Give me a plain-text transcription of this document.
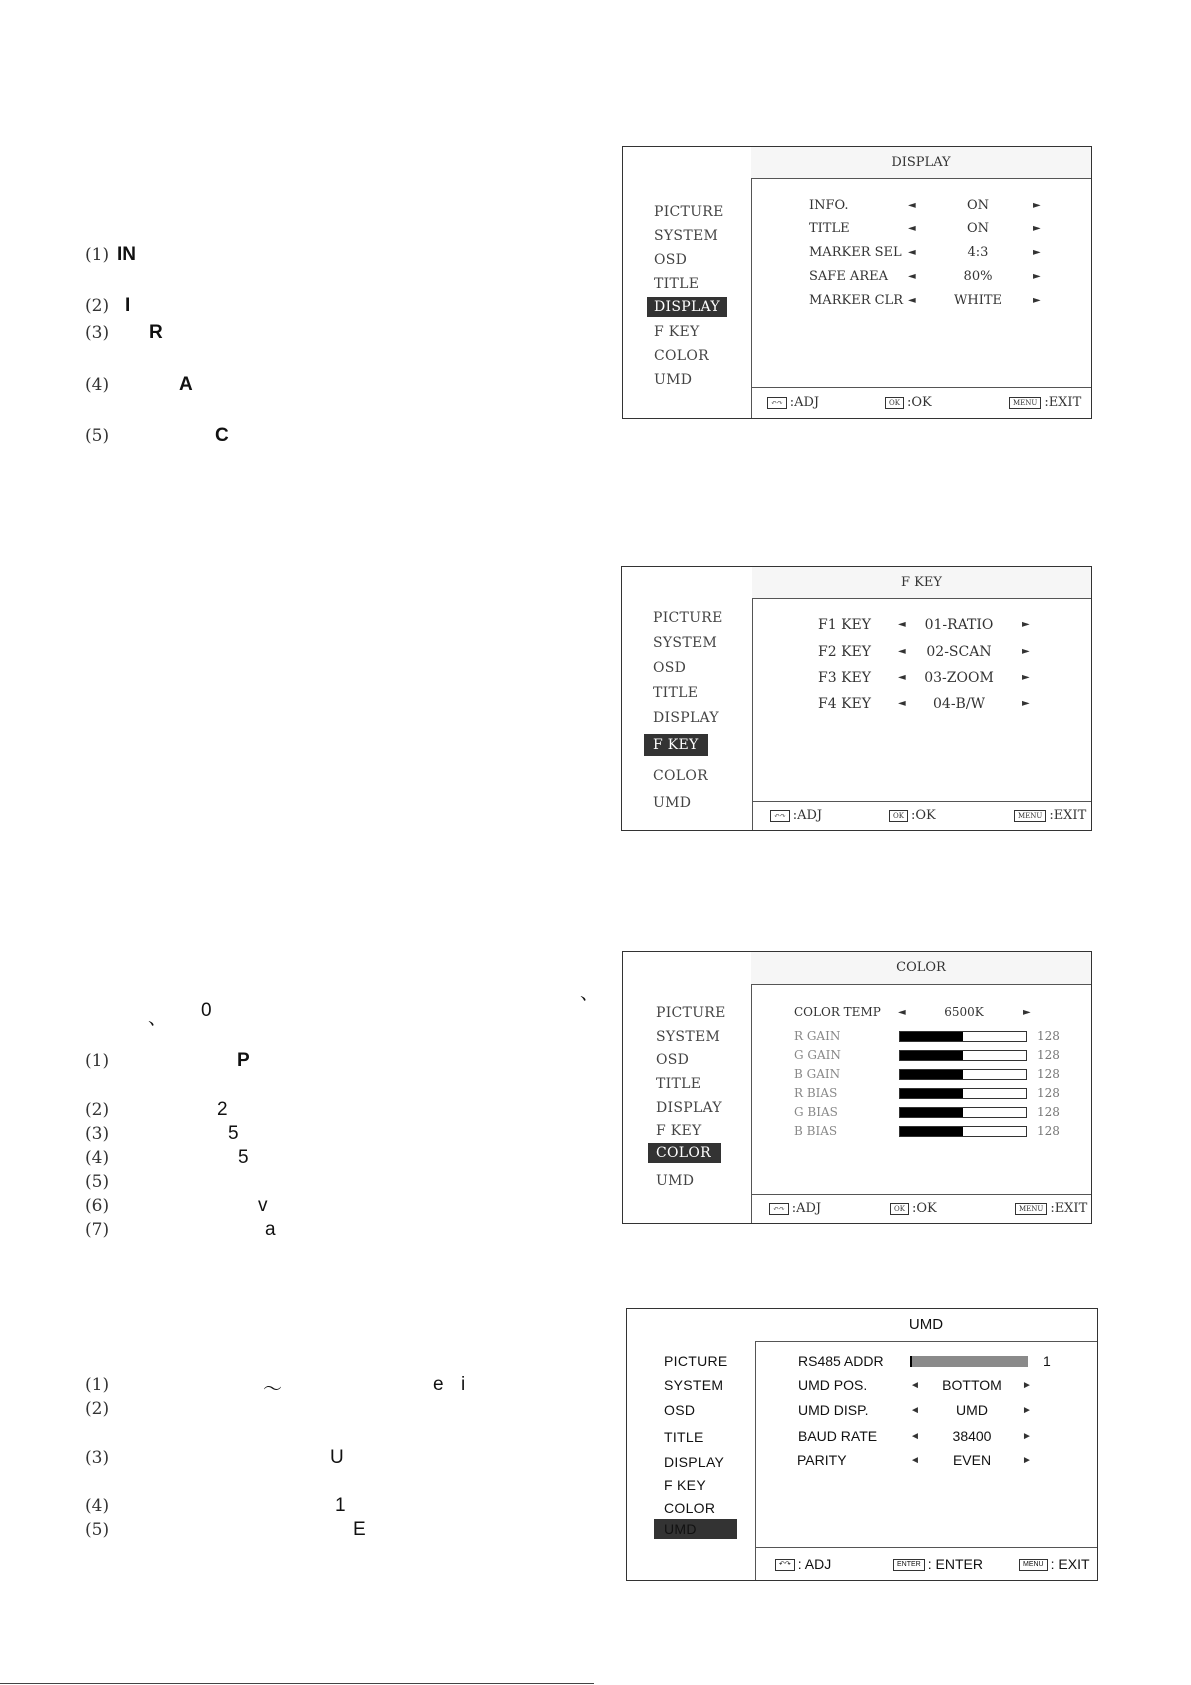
(1) IN
(2) I
(3) R
(4)	A
(5)	C
、
、 0
(1)	P
(2)	2
(3)	5
(4)	5
(5)
(6)	v
(7)	a
(1)	～	e i
(2)
(3)	U
(4)	1
(5)	E
PICTURE
SYSTEM
OSD
TITLE
DISPLAY
F KEY
COLOR
UMD
DISPLAY
INFO.	◄	ON	►
TITLE	◄	ON	►
MARKER SEL ◄	4:3	►
SAFE AREA ◄	80%	►
MARKER CLR ◄	WHITE	►
↶↷ :ADJ	OK :OK	MENU :EXIT
PICTURE
SYSTEM
OSD
TITLE
DISPLAY
F KEY
COLOR
UMD
F KEY
F1 KEY	◄	01-RATIO	►
F2 KEY	◄	02-SCAN	►
F3 KEY	◄	03-ZOOM	►
F4 KEY	◄	04-B/W	►
↶↷ :ADJ	OK :OK	MENU :EXIT
PICTURE
SYSTEM
OSD
TITLE
DISPLAY
F KEY
COLOR
UMD
COLOR
COLOR TEMP ◄	6500K	►
R GAIN	128
G GAIN	128
B GAIN	128
R BIAS	128
G BIAS	128
B BIAS	128
↶↷ :ADJ	OK :OK	MENU :EXIT
PICTURE
SYSTEM
OSD
TITLE
DISPLAY
F KEY
COLOR
UMD
UMD
RS485 ADDR	1
UMD POS.	◄	BOTTOM	►
UMD DISP.	◄	UMD	►
BAUD RATE	◄	38400	►
PARITY	◄	EVEN	►
↶↷ : ADJ	ENTER : ENTER	MENU : EXIT
